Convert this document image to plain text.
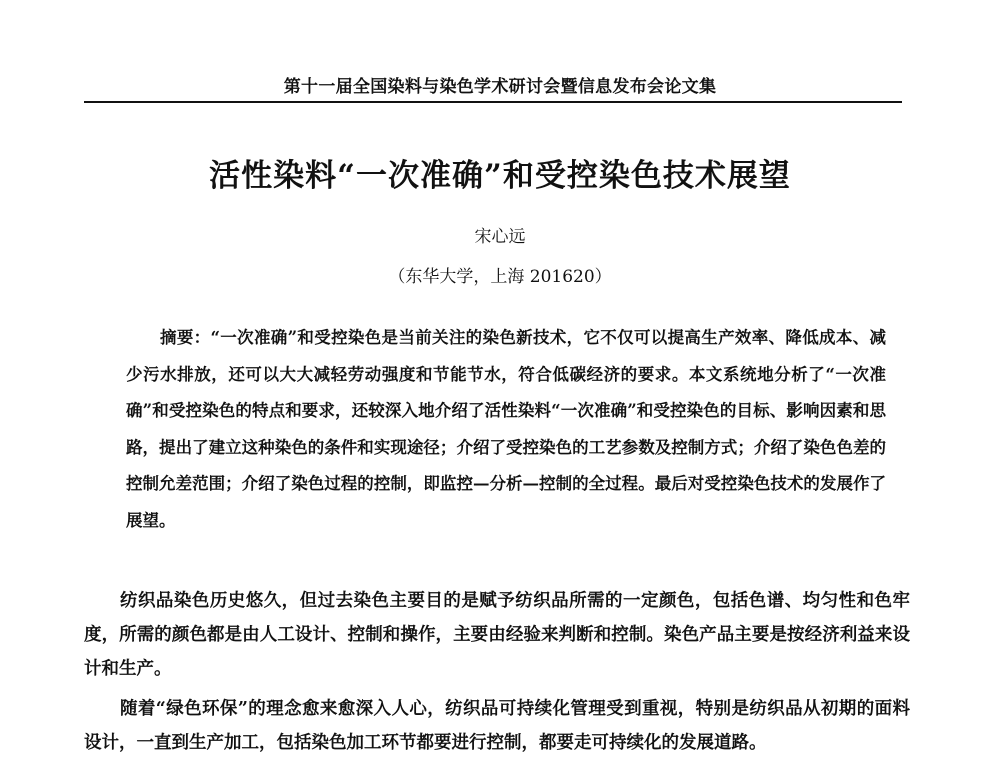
第十一届全国染料与染色学术研讨会暨信息发布会论文集
活性染料“一次准确”和受控染色技术展望
宋心远
（东华大学，上海 201620）
摘要：“一次准确”和受控染色是当前关注的染色新技术，它不仅可以提高生产效率、降低成本、减少污水排放，还可以大大减轻劳动强度和节能节水，符合低碳经济的要求。本文系统地分析了“一次准确”和受控染色的特点和要求，还较深入地介绍了活性染料“一次准确”和受控染色的目标、影响因素和思路，提出了建立这种染色的条件和实现途径；介绍了受控染色的工艺参数及控制方式；介绍了染色色差的控制允差范围；介绍了染色过程的控制，即监控—分析—控制的全过程。最后对受控染色技术的发展作了展望。

纺织品染色历史悠久，但过去染色主要目的是赋予纺织品所需的一定颜色，包括色谱、均匀性和色牢度，所需的颜色都是由人工设计、控制和操作，主要由经验来判断和控制。染色产品主要是按经济利益来设计和生产。

随着“绿色环保”的理念愈来愈深入人心，纺织品可持续化管理受到重视，特别是纺织品从初期的面料设计，一直到生产加工，包括染色加工环节都要进行控制，都要走可持续化的发展道路。
